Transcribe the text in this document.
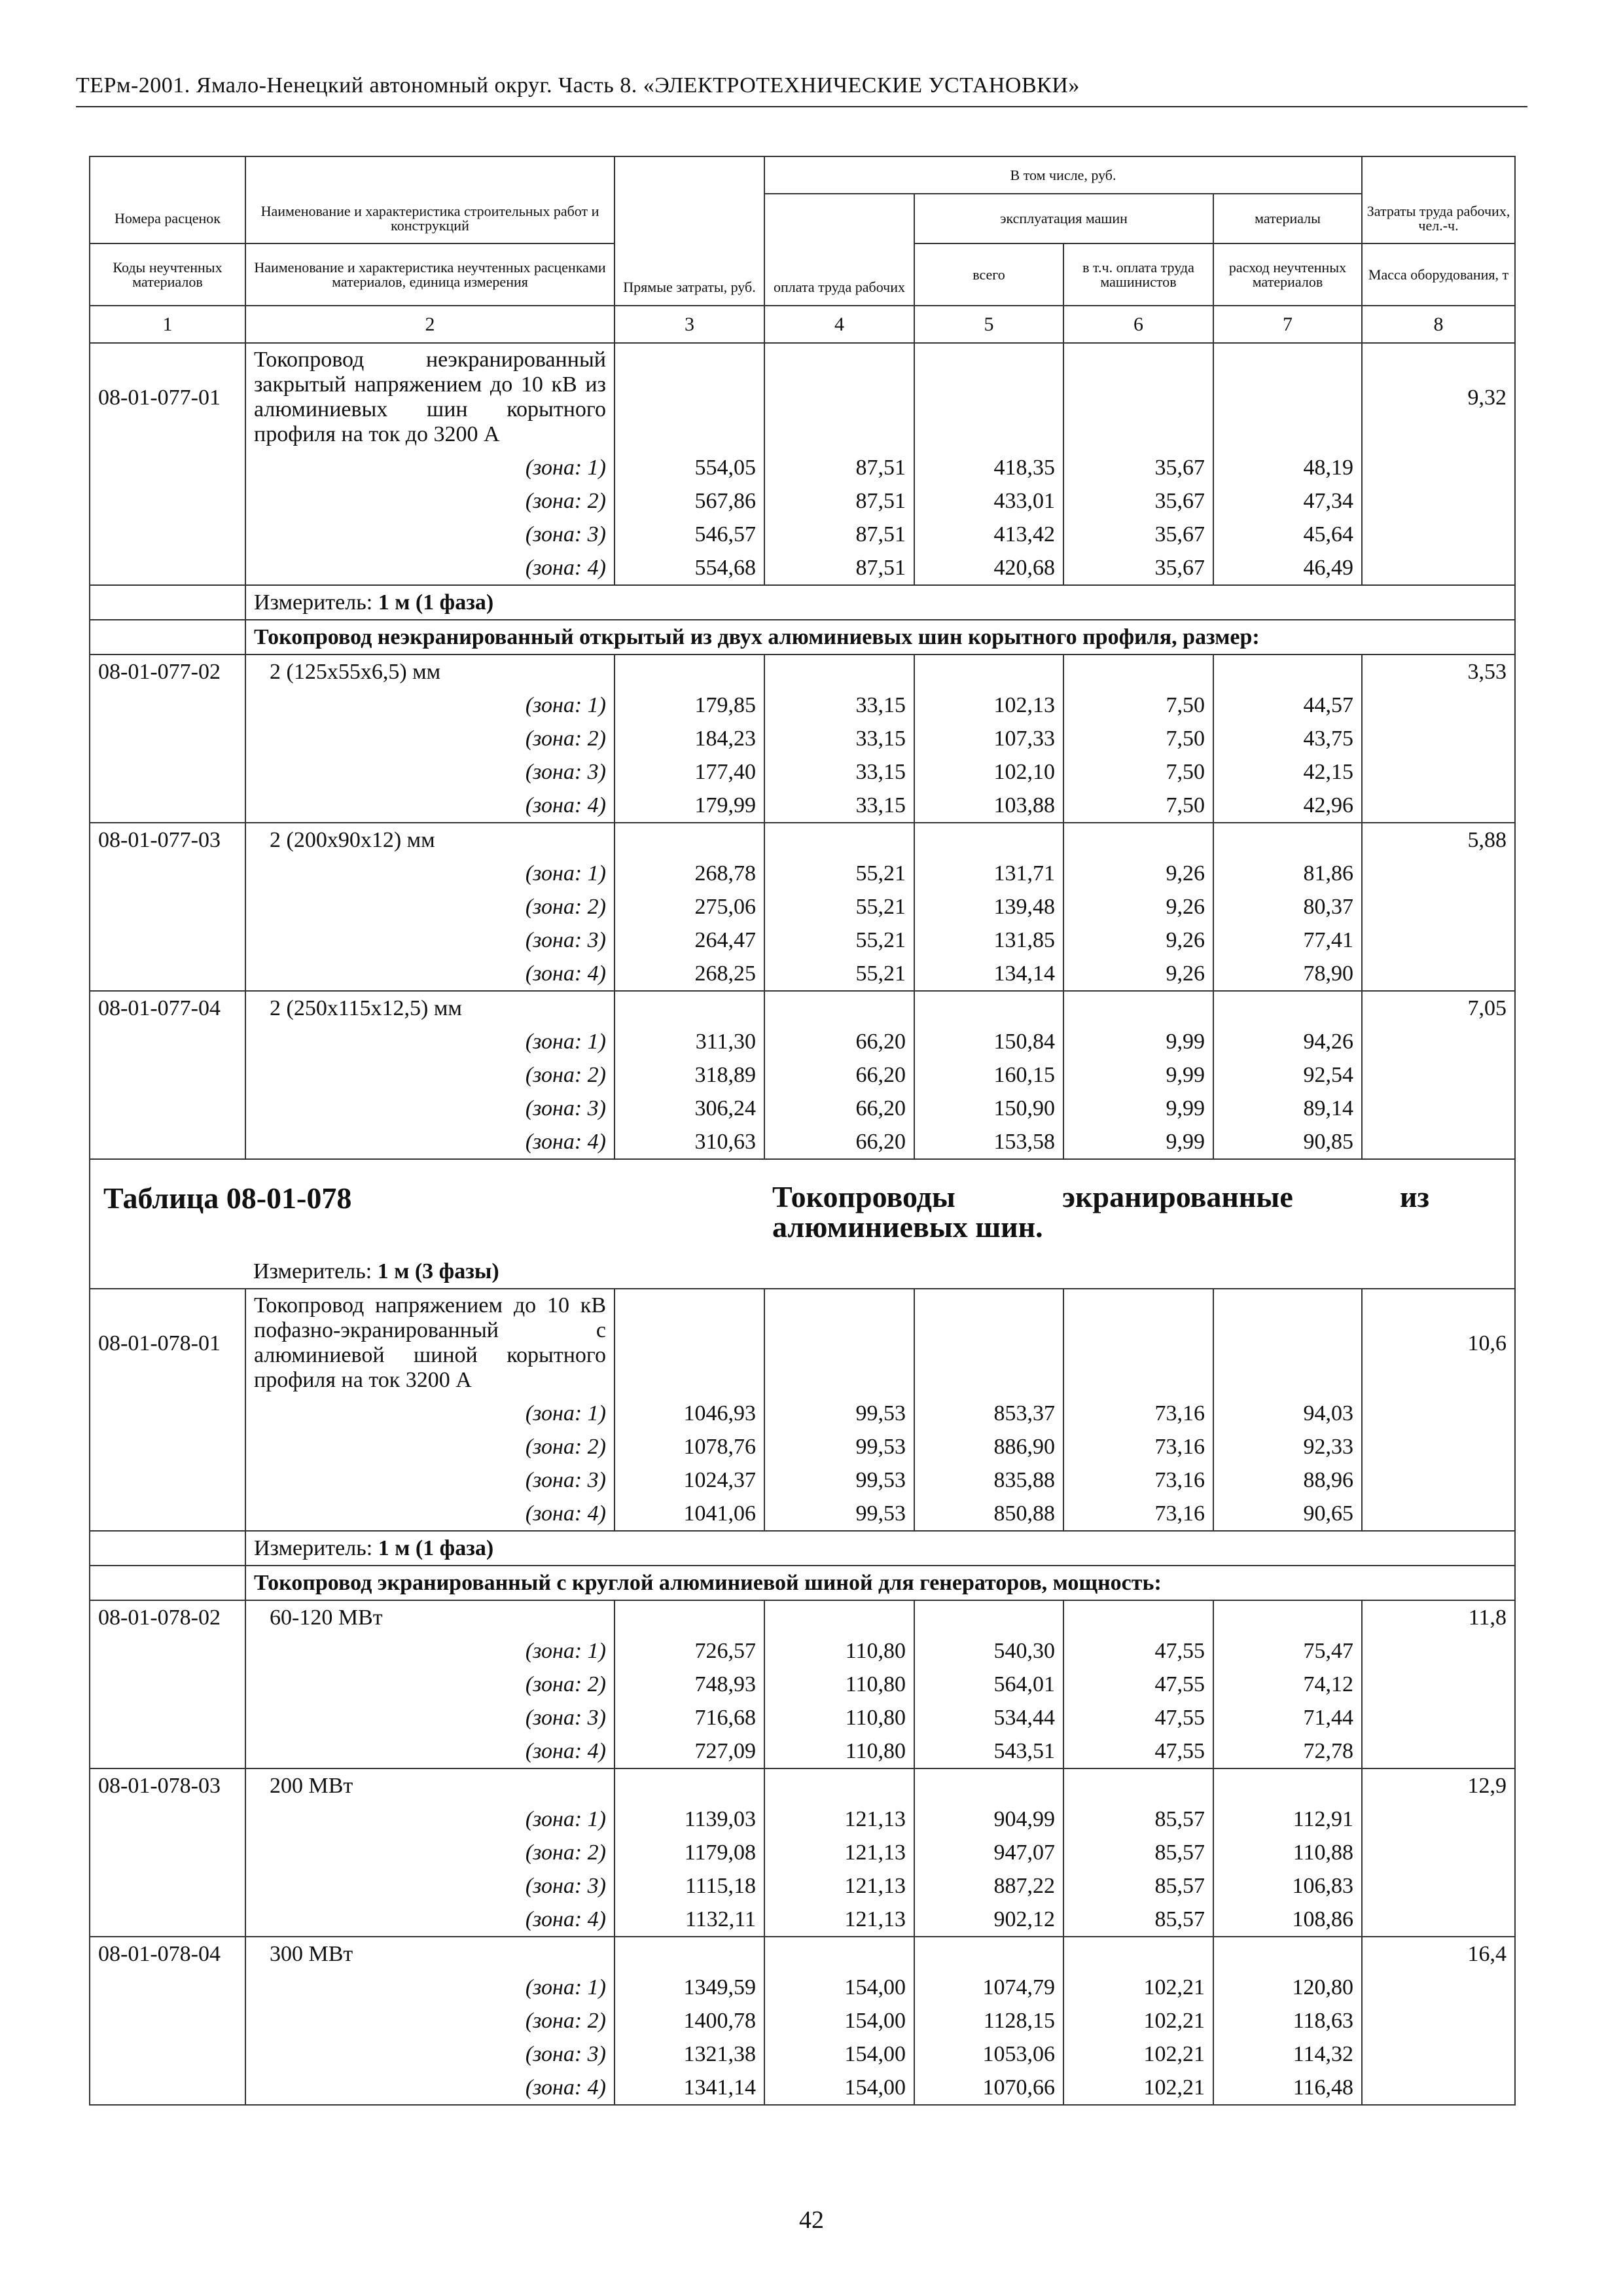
ТЕРм-2001. Ямало-Ненецкий автономный округ. Часть 8. «ЭЛЕКТРОТЕХНИЧЕСКИЕ УСТАНОВКИ»
			В том числе, руб.				
Номера расценок	Наименование и характеристика строительных работ и конструкций	Прямые затраты, руб.	оплата труда рабочих	эксплуатация машин		материалы	Затраты труда рабочих, чел.-ч.
Коды неучтенных материалов	Наименование и характеристика неучтенных расценками материалов, единица измерения			всего	в т.ч. оплата труда машинистов	расход неучтенных материалов	Масса оборудования, т
1	2	3	4	5	6	7	8
08-01-077-01	Токопровод неэкранированный закрытый напряжением до 10 кВ из алюминиевых шин корытного профиля на ток до 3200 А						9,32
	(зона: 1)	554,05	87,51	418,35	35,67	48,19	
	(зона: 2)	567,86	87,51	433,01	35,67	47,34	
	(зона: 3)	546,57	87,51	413,42	35,67	45,64	
	(зона: 4)	554,68	87,51	420,68	35,67	46,49	
	Измеритель: 1 м (1 фаза)						
	Токопровод неэкранированный открытый из двух алюминиевых шин корытного профиля, размер:						
08-01-077-02	2 (125х55х6,5) мм						3,53
	(зона: 1)	179,85	33,15	102,13	7,50	44,57	
	(зона: 2)	184,23	33,15	107,33	7,50	43,75	
	(зона: 3)	177,40	33,15	102,10	7,50	42,15	
	(зона: 4)	179,99	33,15	103,88	7,50	42,96	
08-01-077-03	2 (200х90х12) мм						5,88
	(зона: 1)	268,78	55,21	131,71	9,26	81,86	
	(зона: 2)	275,06	55,21	139,48	9,26	80,37	
	(зона: 3)	264,47	55,21	131,85	9,26	77,41	
	(зона: 4)	268,25	55,21	134,14	9,26	78,90	
08-01-077-04	2 (250х115х12,5) мм						7,05
	(зона: 1)	311,30	66,20	150,84	9,99	94,26	
	(зона: 2)	318,89	66,20	160,15	9,99	92,54	
	(зона: 3)	306,24	66,20	150,90	9,99	89,14	
	(зона: 4)	310,63	66,20	153,58	9,99	90,85	
Таблица 08-01-078			Токопроводы экранированные из алюминиевых шин.				
	Измеритель: 1 м (3 фазы)						
08-01-078-01	Токопровод напряжением до 10 кВ пофазно-экранированный с алюминиевой шиной корытного профиля на ток 3200 А						10,6
	(зона: 1)	1046,93	99,53	853,37	73,16	94,03	
	(зона: 2)	1078,76	99,53	886,90	73,16	92,33	
	(зона: 3)	1024,37	99,53	835,88	73,16	88,96	
	(зона: 4)	1041,06	99,53	850,88	73,16	90,65	
	Измеритель: 1 м (1 фаза)						
	Токопровод экранированный с круглой алюминиевой шиной для генераторов, мощность:						
08-01-078-02	60-120 МВт						11,8
	(зона: 1)	726,57	110,80	540,30	47,55	75,47	
	(зона: 2)	748,93	110,80	564,01	47,55	74,12	
	(зона: 3)	716,68	110,80	534,44	47,55	71,44	
	(зона: 4)	727,09	110,80	543,51	47,55	72,78	
08-01-078-03	200 МВт						12,9
	(зона: 1)	1139,03	121,13	904,99	85,57	112,91	
	(зона: 2)	1179,08	121,13	947,07	85,57	110,88	
	(зона: 3)	1115,18	121,13	887,22	85,57	106,83	
	(зона: 4)	1132,11	121,13	902,12	85,57	108,86	
08-01-078-04	300 МВт						16,4
	(зона: 1)	1349,59	154,00	1074,79	102,21	120,80	
	(зона: 2)	1400,78	154,00	1128,15	102,21	118,63	
	(зона: 3)	1321,38	154,00	1053,06	102,21	114,32	
	(зона: 4)	1341,14	154,00	1070,66	102,21	116,48	
42
